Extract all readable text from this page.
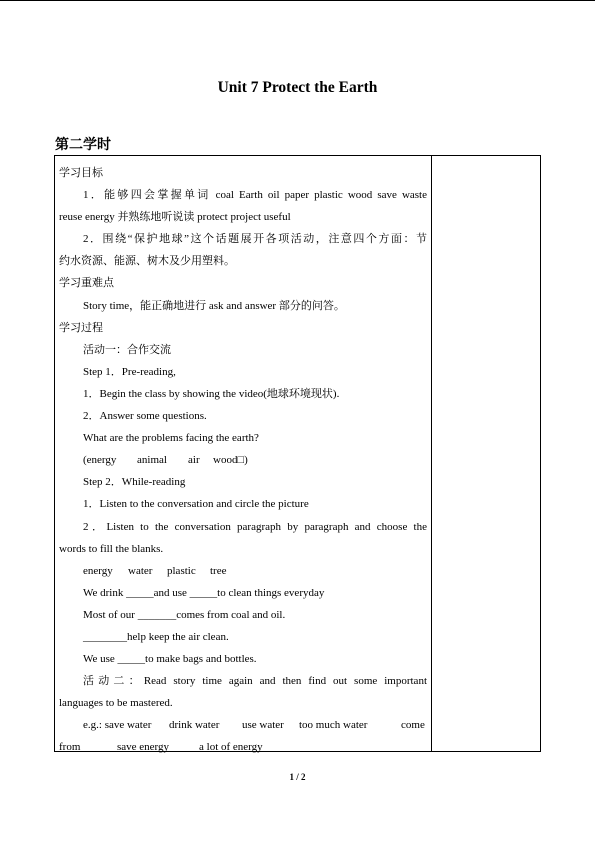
Unit 7 Protect the Earth
第二学时
学习目标
1．能够四会掌握单词 coal Earth oil paper plastic wood save waste
reuse energy 并熟练地听说读 protect project useful
2．围绕“保护地球”这个话题展开各项活动，注意四个方面：节
约水资源、能源、树木及少用塑料。
学习重难点
Story time，能正确地进行 ask and answer 部分的问答。
学习过程
活动一：合作交流
Step 1．Pre-reading,
1．Begin the class by showing the video(地球环境现状).
2．Answer some questions.
What are the problems facing the earth?
(energy animal air wood□)
Step 2．While-reading
1．Listen to the conversation and circle the picture
2．Listen to the conversation paragraph by paragraph and choose the
words to fill the blanks.
energy water plastic tree
We drink _____and use _____to clean things everyday
Most of our _______comes from coal and oil.
________help keep the air clean.
We use _____to make bags and bottles.
活动二：Read story time again and then find out some important
languages to be mastered.
e.g.: save water drink water use water too much water	come
from	save energy	a lot of energy
1 / 2
